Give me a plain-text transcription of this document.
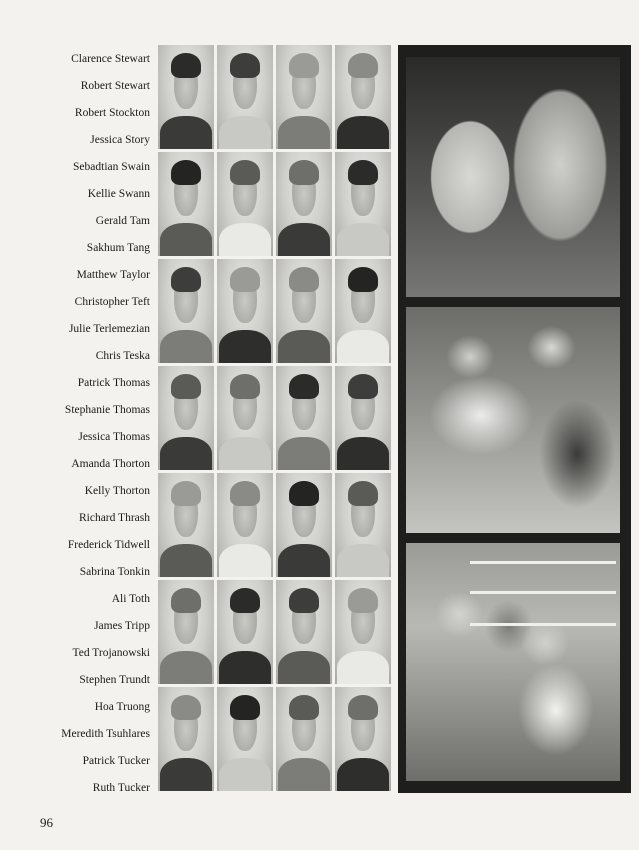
Clarence Stewart
Robert Stewart
Robert Stockton
Jessica Story
Sebadtian Swain
Kellie Swann
Gerald Tam
Sakhum Tang
Matthew Taylor
Christopher Teft
Julie Terlemezian
Chris Teska
Patrick Thomas
Stephanie Thomas
Jessica Thomas
Amanda Thorton
Kelly Thorton
Richard Thrash
Frederick Tidwell
Sabrina Tonkin
Ali Toth
James Tripp
Ted Trojanowski
Stephen Trundt
Hoa Truong
Meredith Tsuhlares
Patrick Tucker
Ruth Tucker
96
